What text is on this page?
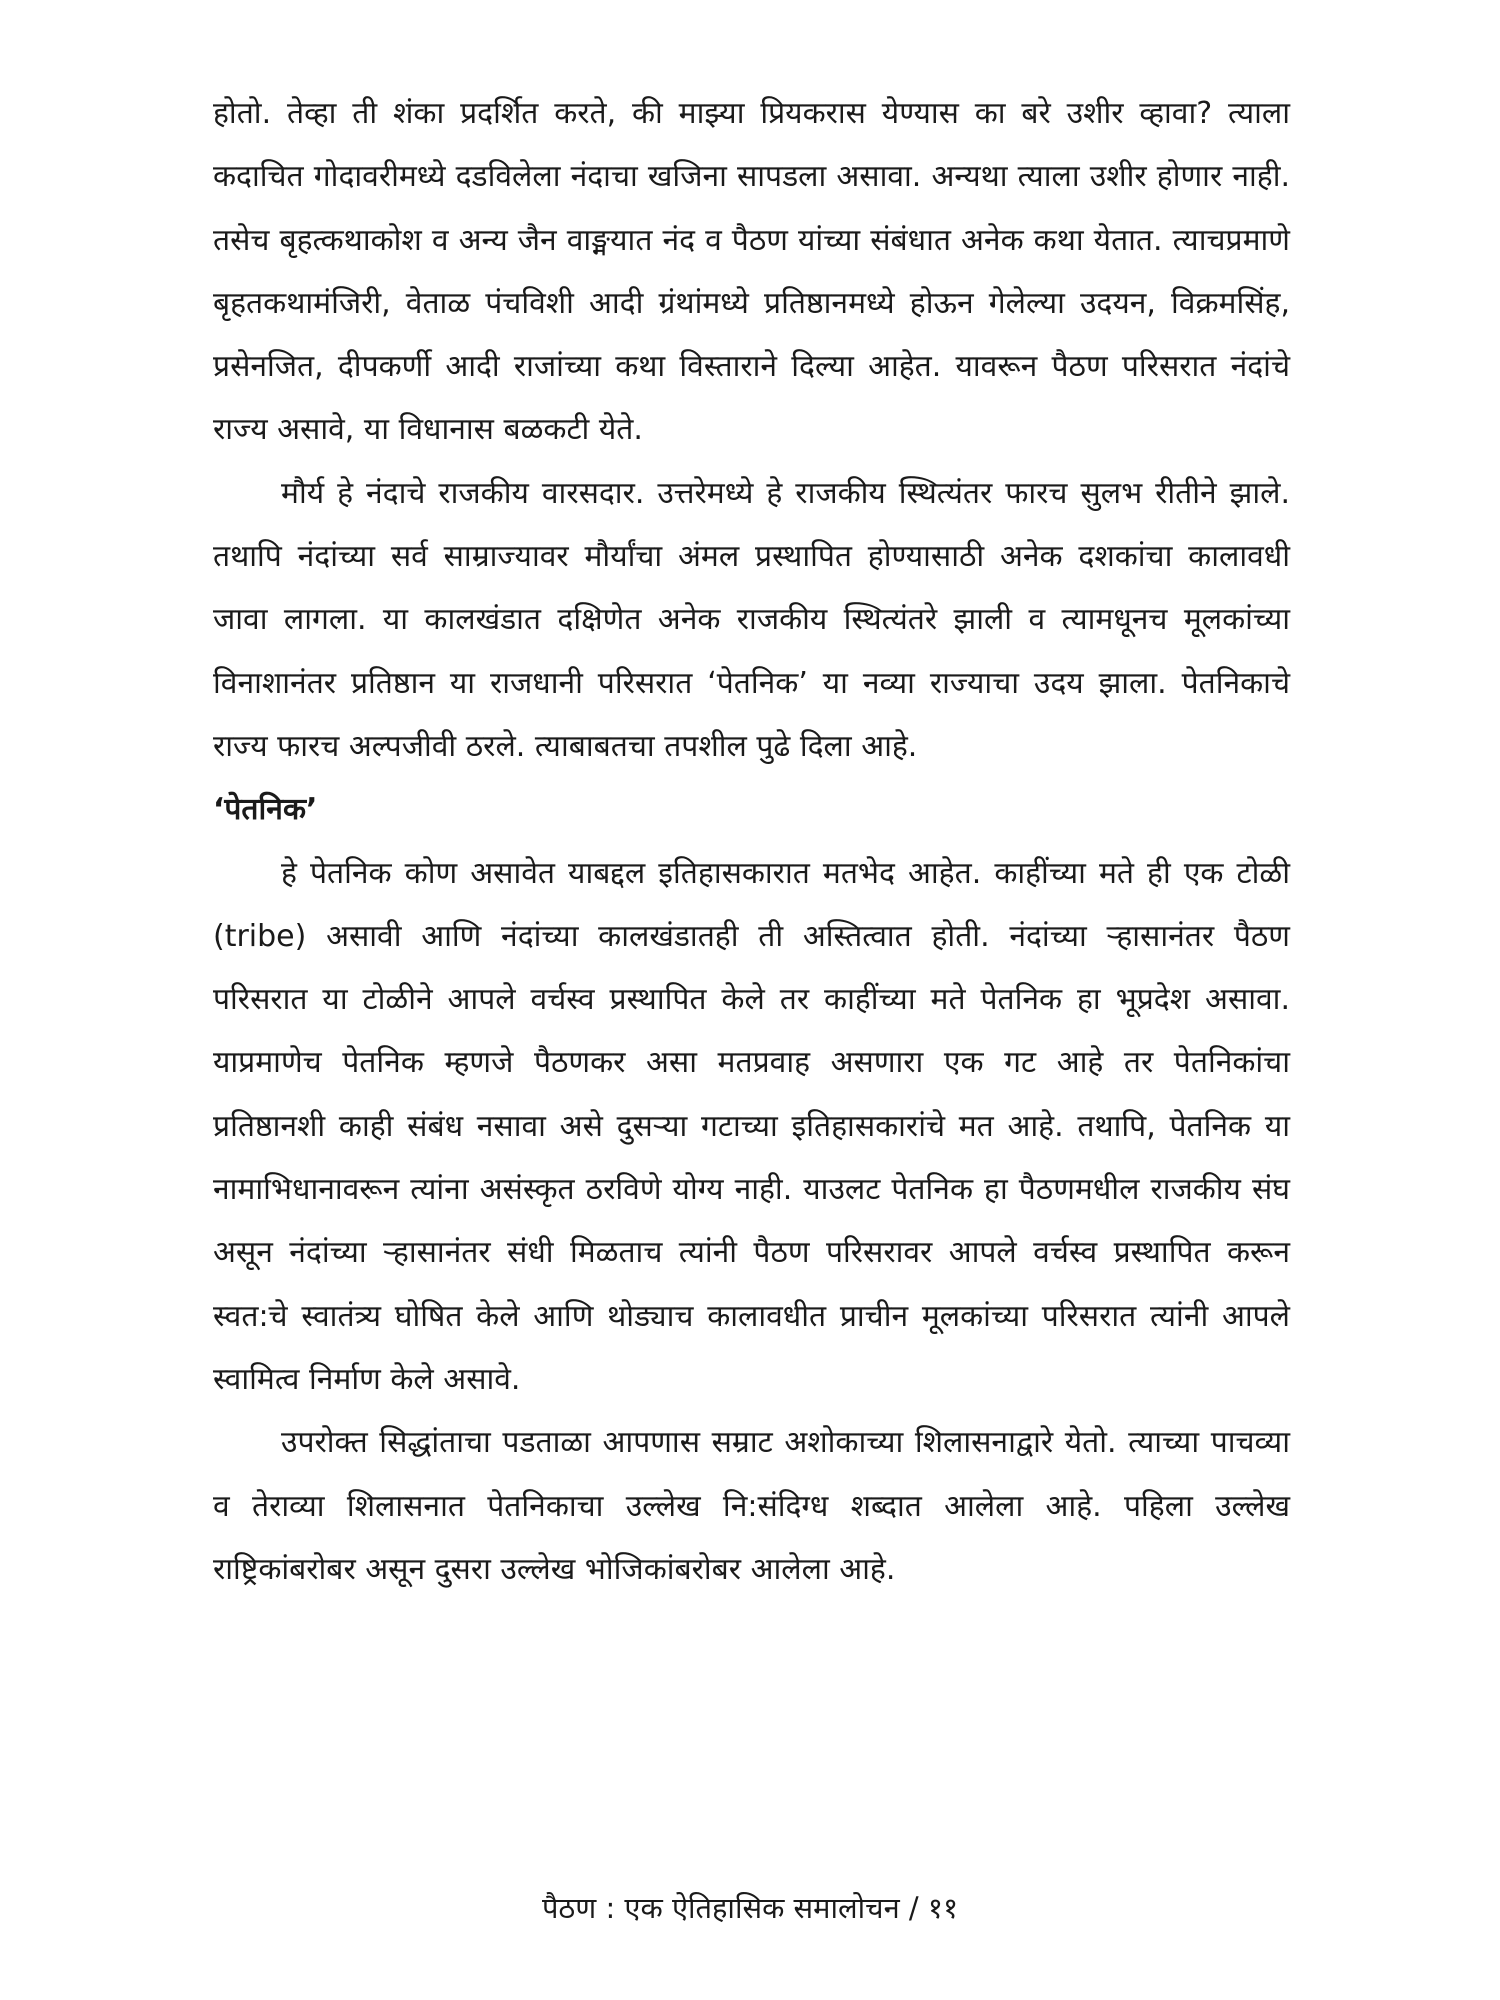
होतो. तेव्हा ती शंका प्रदर्शित करते, की माझ्या प्रियकरास येण्यास का बरे उशीर व्हावा? त्याला कदाचित गोदावरीमध्ये दडविलेला नंदाचा खजिना सापडला असावा. अन्यथा त्याला उशीर होणार नाही. तसेच बृहत्कथाकोश व अन्य जैन वाङ्मयात नंद व पैठण यांच्या संबंधात अनेक कथा येतात. त्याचप्रमाणे बृहतकथामंजिरी, वेताळ पंचविशी आदी ग्रंथांमध्ये प्रतिष्ठानमध्ये होऊन गेलेल्या उदयन, विक्रमसिंह, प्रसेनजित, दीपकर्णी आदी राजांच्या कथा विस्ताराने दिल्या आहेत. यावरून पैठण परिसरात नंदांचे राज्य असावे, या विधानास बळकटी येते.

मौर्य हे नंदाचे राजकीय वारसदार. उत्तरेमध्ये हे राजकीय स्थित्यंतर फारच सुलभ रीतीने झाले. तथापि नंदांच्या सर्व साम्राज्यावर मौर्यांचा अंमल प्रस्थापित होण्यासाठी अनेक दशकांचा कालावधी जावा लागला. या कालखंडात दक्षिणेत अनेक राजकीय स्थित्यंतरे झाली व त्यामधूनच मूलकांच्या विनाशानंतर प्रतिष्ठान या राजधानी परिसरात ‘पेतनिक’ या नव्या राज्याचा उदय झाला. पेतनिकाचे राज्य फारच अल्पजीवी ठरले. त्याबाबतचा तपशील पुढे दिला आहे.

‘पेतनिक’

हे पेतनिक कोण असावेत याबद्दल इतिहासकारात मतभेद आहेत. काहींच्या मते ही एक टोळी (tribe) असावी आणि नंदांच्या कालखंडातही ती अस्तित्वात होती. नंदांच्या ऱ्हासानंतर पैठण परिसरात या टोळीने आपले वर्चस्व प्रस्थापित केले तर काहींच्या मते पेतनिक हा भूप्रदेश असावा. याप्रमाणेच पेतनिक म्हणजे पैठणकर असा मतप्रवाह असणारा एक गट आहे तर पेतनिकांचा प्रतिष्ठानशी काही संबंध नसावा असे दुसऱ्या गटाच्या इतिहासकारांचे मत आहे. तथापि, पेतनिक या नामाभिधानावरून त्यांना असंस्कृत ठरविणे योग्य नाही. याउलट पेतनिक हा पैठणमधील राजकीय संघ असून नंदांच्या ऱ्हासानंतर संधी मिळताच त्यांनी पैठण परिसरावर आपले वर्चस्व प्रस्थापित करून स्वत:चे स्वातंत्र्य घोषित केले आणि थोड्याच कालावधीत प्राचीन मूलकांच्या परिसरात त्यांनी आपले स्वामित्व निर्माण केले असावे.

उपरोक्त सिद्धांताचा पडताळा आपणास सम्राट अशोकाच्या शिलासनाद्वारे येतो. त्याच्या पाचव्या व तेराव्या शिलासनात पेतनिकाचा उल्लेख नि:संदिग्ध शब्दात आलेला आहे. पहिला उल्लेख राष्ट्रिकांबरोबर असून दुसरा उल्लेख भोजिकांबरोबर आलेला आहे.

पैठण : एक ऐतिहासिक समालोचन / ११
